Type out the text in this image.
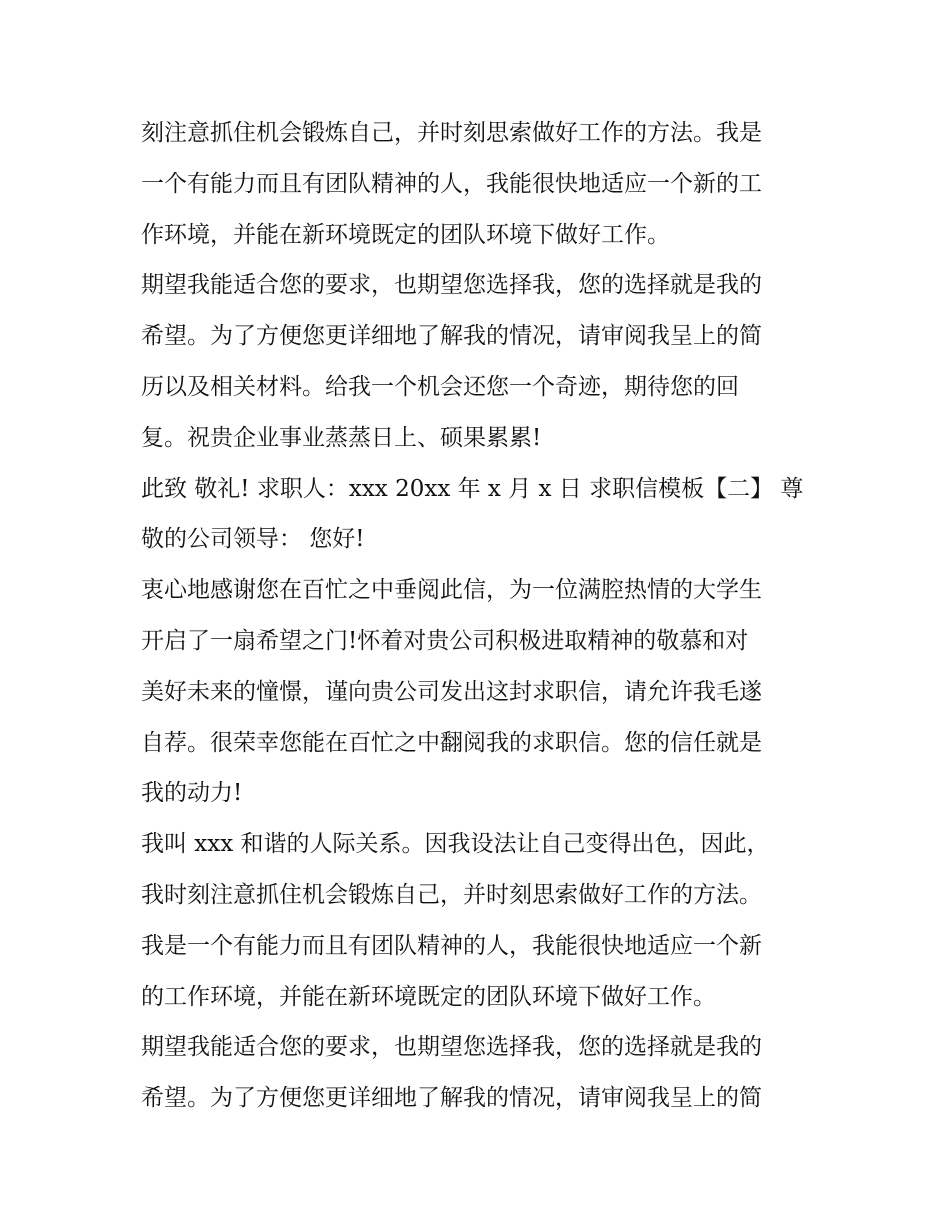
刻注意抓住机会锻炼自己，并时刻思索做好工作的方法。我是
一个有能力而且有团队精神的人，我能很快地适应一个新的工
作环境，并能在新环境既定的团队环境下做好工作。
期望我能适合您的要求，也期望您选择我，您的选择就是我的
希望。为了方便您更详细地了解我的情况，请审阅我呈上的简
历以及相关材料。给我一个机会还您一个奇迹，期待您的回
复。祝贵企业事业蒸蒸日上、硕果累累!
此致 敬礼! 求职人：xxx 20xx 年 x 月 x 日 求职信模板【二】 尊
敬的公司领导： 您好!
衷心地感谢您在百忙之中垂阅此信，为一位满腔热情的大学生
开启了一扇希望之门!怀着对贵公司积极进取精神的敬慕和对
美好未来的憧憬，谨向贵公司发出这封求职信，请允许我毛遂
自荐。很荣幸您能在百忙之中翻阅我的求职信。您的信任就是
我的动力!
我叫 xxx 和谐的人际关系。因我设法让自己变得出色，因此，
我时刻注意抓住机会锻炼自己，并时刻思索做好工作的方法。
我是一个有能力而且有团队精神的人，我能很快地适应一个新
的工作环境，并能在新环境既定的团队环境下做好工作。
期望我能适合您的要求，也期望您选择我，您的选择就是我的
希望。为了方便您更详细地了解我的情况，请审阅我呈上的简
